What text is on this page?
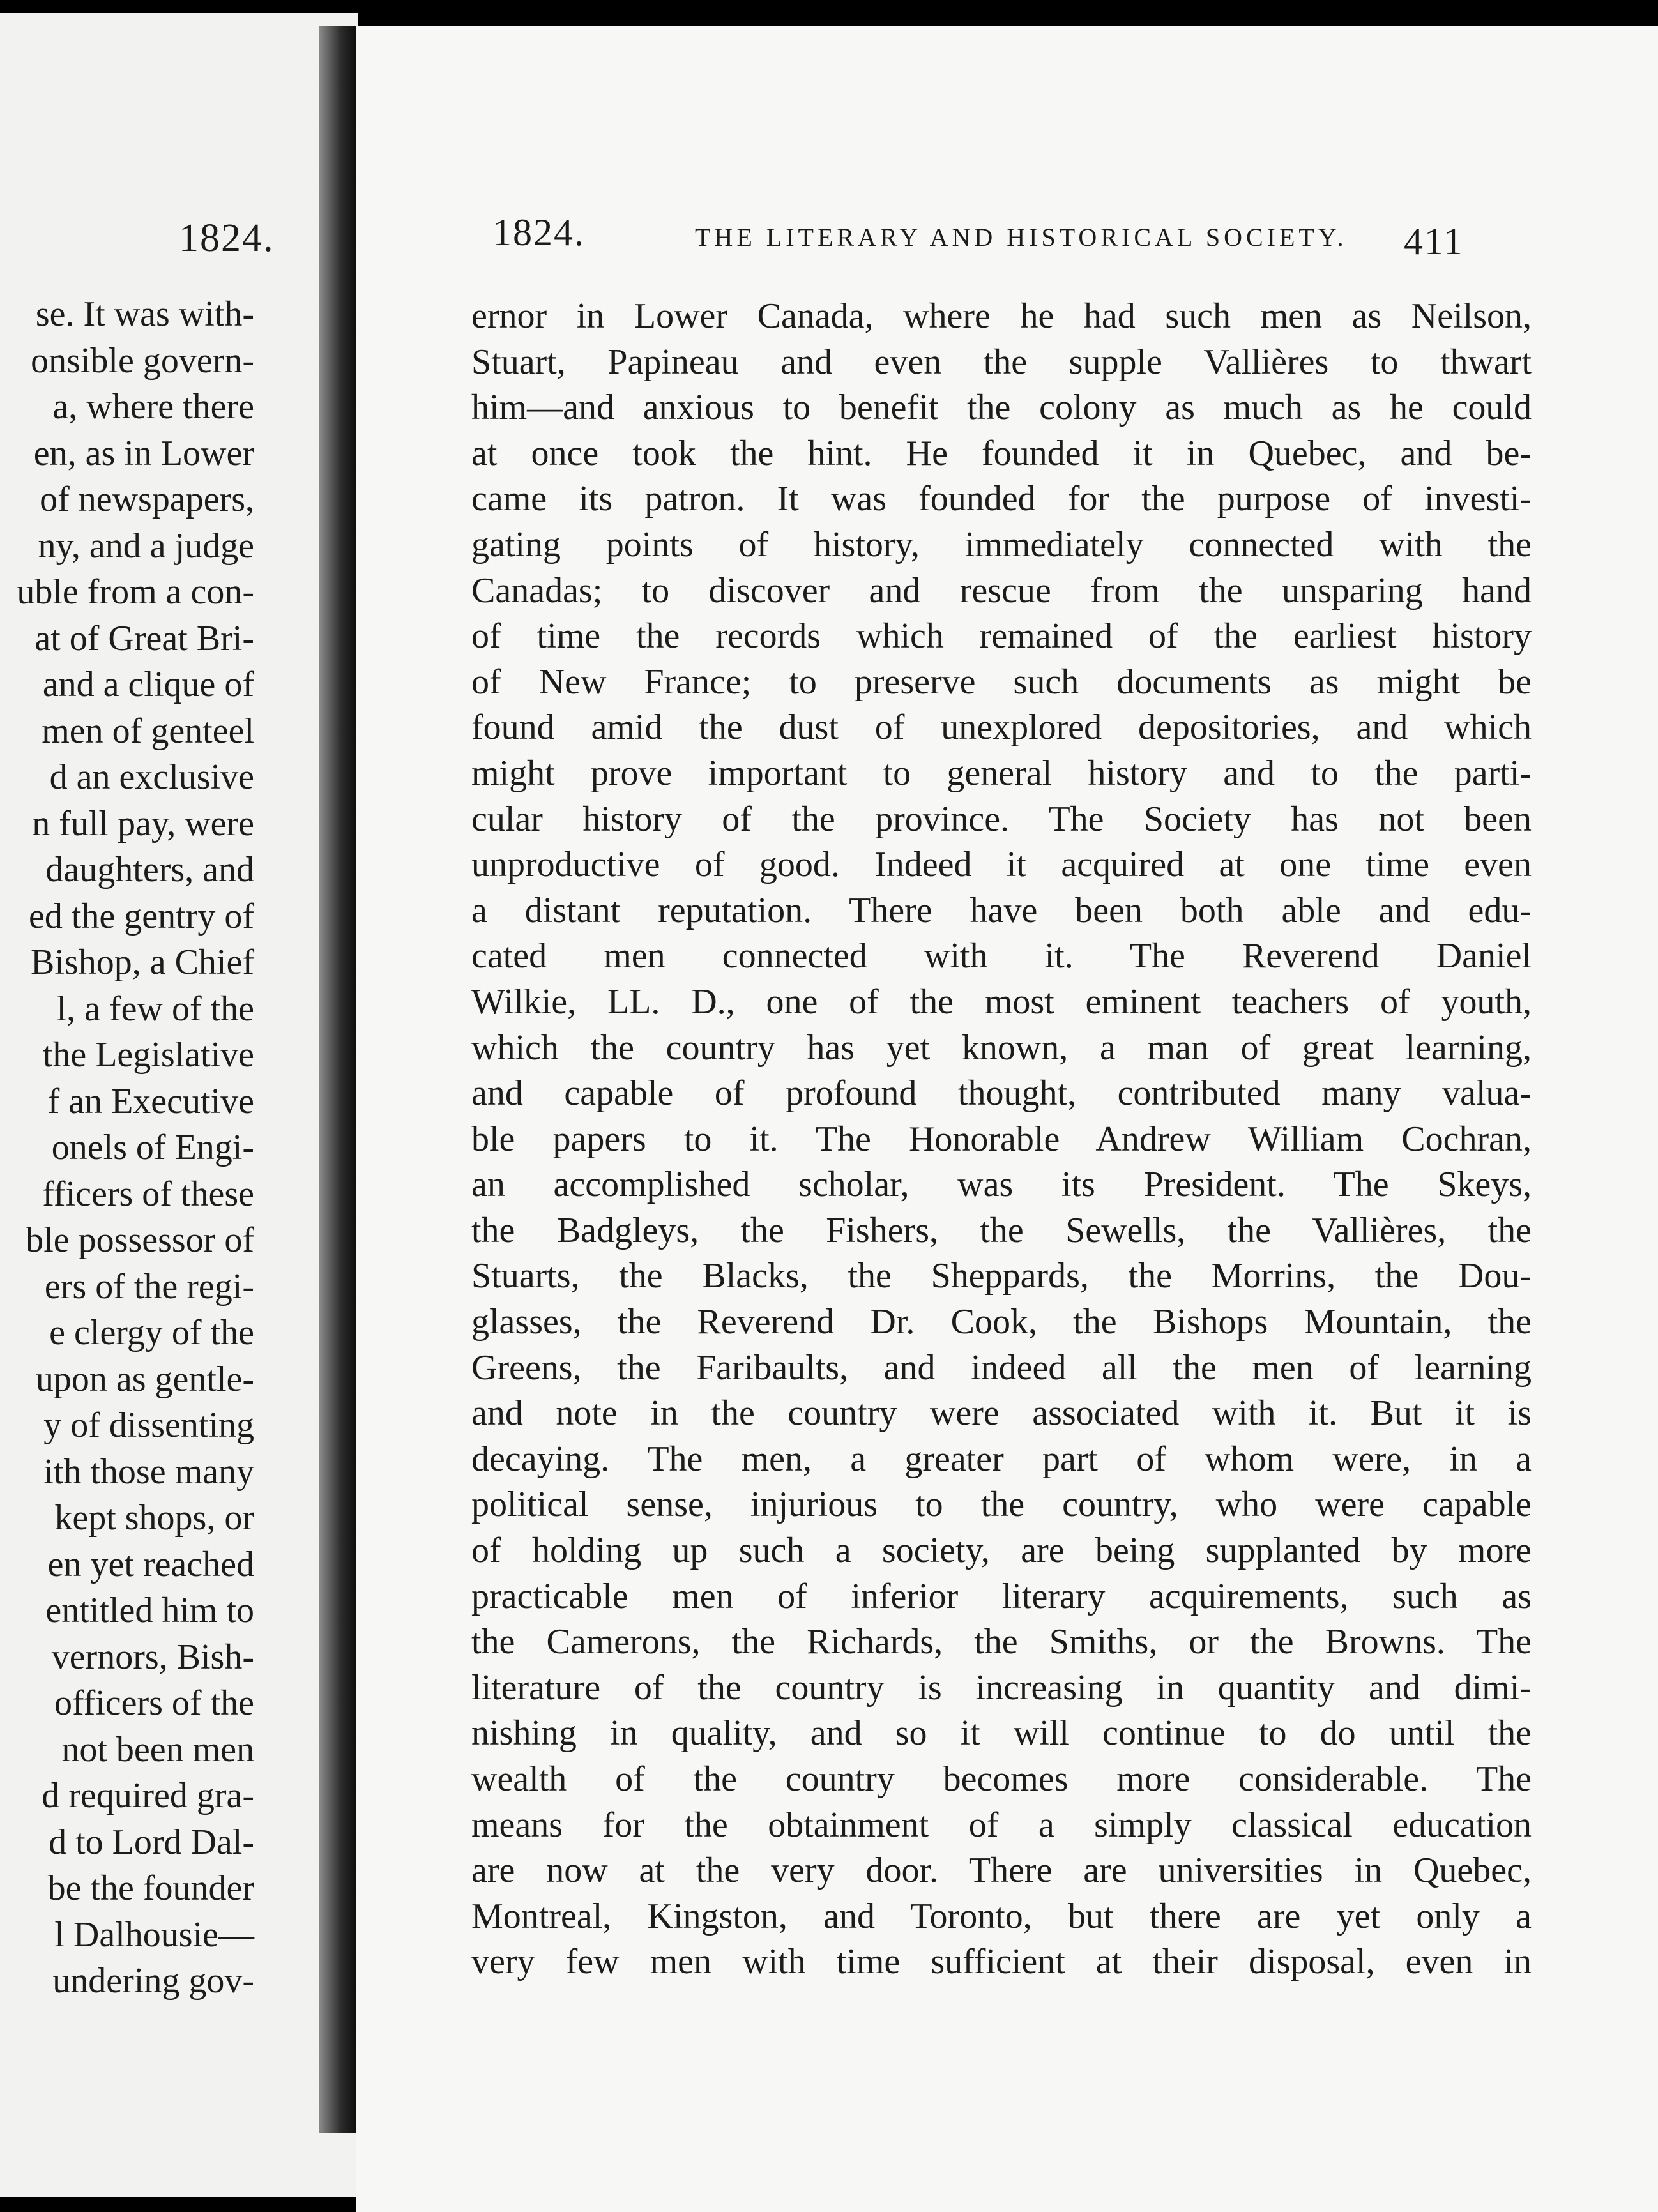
1824.
se. It was with-
onsible govern-
a, where there
en, as in Lower
of newspapers,
ny, and a judge
uble from a con-
at of Great Bri-
and a clique of
men of genteel
d an exclusive
n full pay, were
daughters, and
ed the gentry of
Bishop, a Chief
l, a few of the
the Legislative
f an Executive
onels of Engi-
fficers of these
ble possessor of
ers of the regi-
e clergy of the
upon as gentle-
y of dissenting
ith those many
kept shops, or
en yet reached
entitled him to
vernors, Bish-
officers of the
not been men
d required gra-
d to Lord Dal-
be the founder
l Dalhousie—
undering gov-
1824.	THE LITERARY AND HISTORICAL SOCIETY. 411
ernor in Lower Canada, where he had such men as Neilson,
Stuart, Papineau and even the supple Vallières to thwart
him—and anxious to benefit the colony as much as he could
at once took the hint. He founded it in Quebec, and be-
came its patron. It was founded for the purpose of investi-
gating points of history, immediately connected with the
Canadas; to discover and rescue from the unsparing hand
of time the records which remained of the earliest history
of New France; to preserve such documents as might be
found amid the dust of unexplored depositories, and which
might prove important to general history and to the parti-
cular history of the province. The Society has not been
unproductive of good. Indeed it acquired at one time even
a distant reputation. There have been both able and edu-
cated men connected with it. The Reverend Daniel
Wilkie, LL. D., one of the most eminent teachers of youth,
which the country has yet known, a man of great learning,
and capable of profound thought, contributed many valua-
ble papers to it. The Honorable Andrew William Cochran,
an accomplished scholar, was its President. The Skeys,
the Badgleys, the Fishers, the Sewells, the Vallières, the
Stuarts, the Blacks, the Sheppards, the Morrins, the Dou-
glasses, the Reverend Dr. Cook, the Bishops Mountain, the
Greens, the Faribaults, and indeed all the men of learning
and note in the country were associated with it. But it is
decaying. The men, a greater part of whom were, in a
political sense, injurious to the country, who were capable
of holding up such a society, are being supplanted by more
practicable men of inferior literary acquirements, such as
the Camerons, the Richards, the Smiths, or the Browns. The
literature of the country is increasing in quantity and dimi-
nishing in quality, and so it will continue to do until the
wealth of the country becomes more considerable. The
means for the obtainment of a simply classical education
are now at the very door. There are universities in Quebec,
Montreal, Kingston, and Toronto, but there are yet only a
very few men with time sufficient at their disposal, even in
